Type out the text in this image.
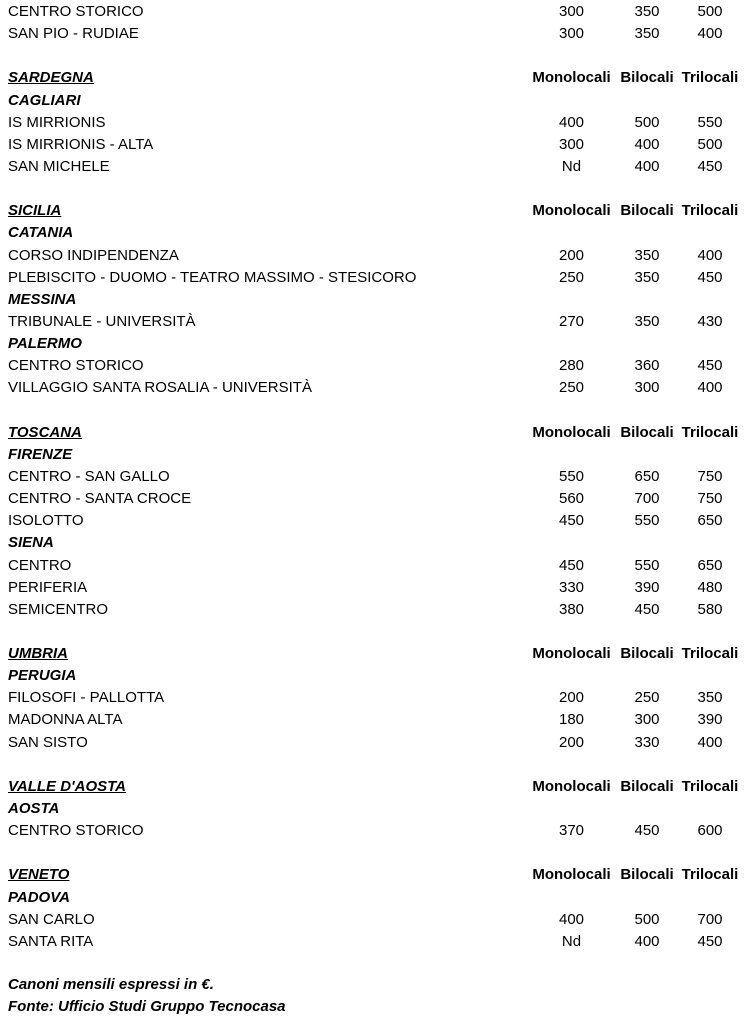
CENTRO STORICO	300	350	500
SAN PIO - RUDIAE	300	350	400
SARDEGNA	Monolocali Bilocali Trilocali
CAGLIARI
IS MIRRIONIS	400	500	550
IS MIRRIONIS - ALTA	300	400	500
SAN MICHELE	Nd	400	450
SICILIA	Monolocali Bilocali Trilocali
CATANIA
CORSO INDIPENDENZA	200	350	400
PLEBISCITO - DUOMO - TEATRO MASSIMO - STESICORO	250	350	450
MESSINA
TRIBUNALE - UNIVERSITÀ	270	350	430
PALERMO
CENTRO STORICO	280	360	450
VILLAGGIO SANTA ROSALIA - UNIVERSITÀ	250	300	400
TOSCANA	Monolocali Bilocali Trilocali
FIRENZE
CENTRO - SAN GALLO	550	650	750
CENTRO - SANTA CROCE	560	700	750
ISOLOTTO	450	550	650
SIENA
CENTRO	450	550	650
PERIFERIA	330	390	480
SEMICENTRO	380	450	580
UMBRIA	Monolocali Bilocali Trilocali
PERUGIA
FILOSOFI - PALLOTTA	200	250	350
MADONNA ALTA	180	300	390
SAN SISTO	200	330	400
VALLE D'AOSTA	Monolocali Bilocali Trilocali
AOSTA
CENTRO STORICO	370	450	600
VENETO	Monolocali Bilocali Trilocali
PADOVA
SAN CARLO	400	500	700
SANTA RITA	Nd	400	450
Canoni mensili espressi in €.
Fonte: Ufficio Studi Gruppo Tecnocasa
